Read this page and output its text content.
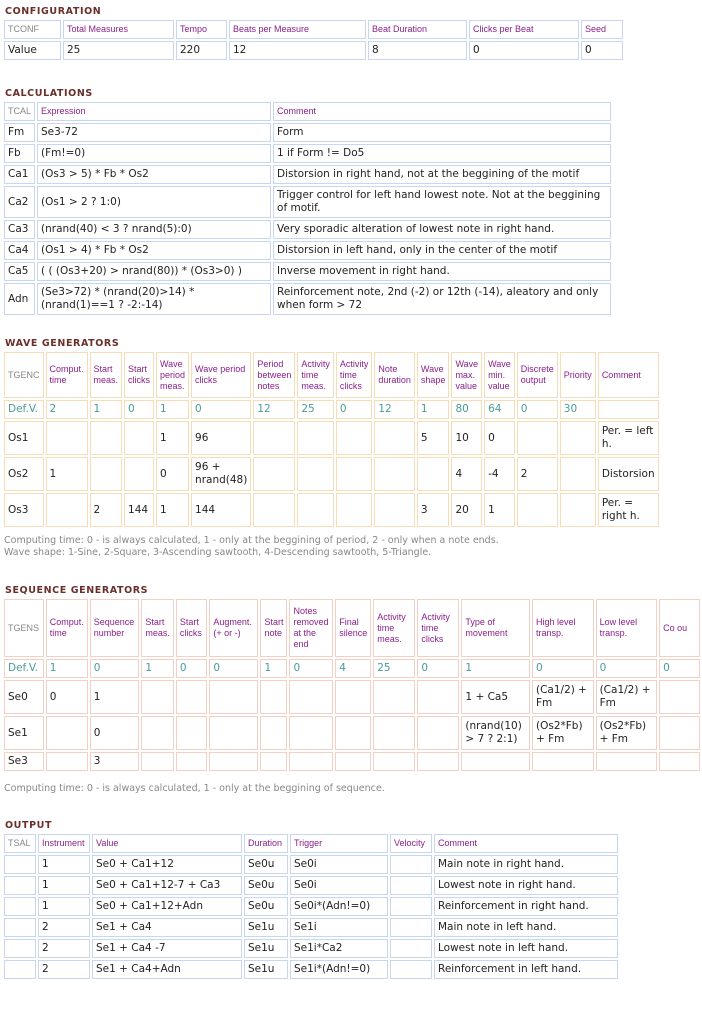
CONFIGURATION
TCONF	Total Measures	Tempo	Beats per Measure	Beat Duration	Clicks per Beat	Seed
Value	25	220	12	8	0	0
CALCULATIONS
TCAL	Expression	Comment
Fm	Se3-72	Form
Fb	(Fm!=0)	1 if Form != Do5
Ca1	(Os3 > 5) * Fb * Os2	Distorsion in right hand, not at the beggining of the motif
Ca2	(Os1 > 2 ? 1:0)	Trigger control for left hand lowest note. Not at the beggining of motif.
Ca3	(nrand(40) < 3 ? nrand(5):0)	Very sporadic alteration of lowest note in right hand.
Ca4	(Os1 > 4) * Fb * Os2	Distorsion in left hand, only in the center of the motif
Ca5	( ( (Os3+20) > nrand(80)) * (Os3>0) )	Inverse movement in right hand.
Adn	(Se3>72) * (nrand(20)>14) * (nrand(1)==1 ? -2:-14)	Reinforcement note, 2nd (-2) or 12th (-14), aleatory and only when form > 72
WAVE GENERATORS
TGENC	Comput. time	Start meas.	Start clicks	Wave period meas.	Wave period clicks	Period between notes	Activity time meas.	Activity time clicks	Note duration	Wave shape	Wave max. value	Wave min. value	Discrete output	Priority	Comment
Def.V.	2	1	0	1	0	12	25	0	12	1	80	64	0	30	
Os1				1	96					5	10	0			Per. = left h.
Os2	1			0	96 + nrand(48)						4	-4	2		Distorsion
Os3		2	144	1	144					3	20	1			Per. = right h.
Computing time: 0 - is always calculated, 1 - only at the beggining of period, 2 - only when a note ends.
Wave shape: 1-Sine, 2-Square, 3-Ascending sawtooth, 4-Descending sawtooth, 5-Triangle.
SEQUENCE GENERATORS
TGENS	Comput. time	Sequence number	Start meas.	Start clicks	Augment. (+ or -)	Start note	Notes removed at the end	Final silence	Activity time meas.	Activity time clicks	Type of movement	High level transp.	Low level transp.	Co ou
Def.V.	1	0	1	0	0	1	0	4	25	0	1	0	0	0
Se0	0	1									1 + Ca5	(Ca1/2) + Fm	(Ca1/2) + Fm	
Se1		0									(nrand(10) > 7 ? 2:1)	(Os2*Fb) + Fm	(Os2*Fb) + Fm	
Se3		3												
Computing time: 0 - is always calculated, 1 - only at the beggining of sequence.
OUTPUT
TSAL	Instrument	Value	Duration	Trigger	Velocity	Comment
	1	Se0 + Ca1+12	Se0u	Se0i		Main note in right hand.
	1	Se0 + Ca1+12-7 + Ca3	Se0u	Se0i		Lowest note in right hand.
	1	Se0 + Ca1+12+Adn	Se0u	Se0i*(Adn!=0)		Reinforcement in right hand.
	2	Se1 + Ca4	Se1u	Se1i		Main note in left hand.
	2	Se1 + Ca4 -7	Se1u	Se1i*Ca2		Lowest note in left hand.
	2	Se1 + Ca4+Adn	Se1u	Se1i*(Adn!=0)		Reinforcement in left hand.
